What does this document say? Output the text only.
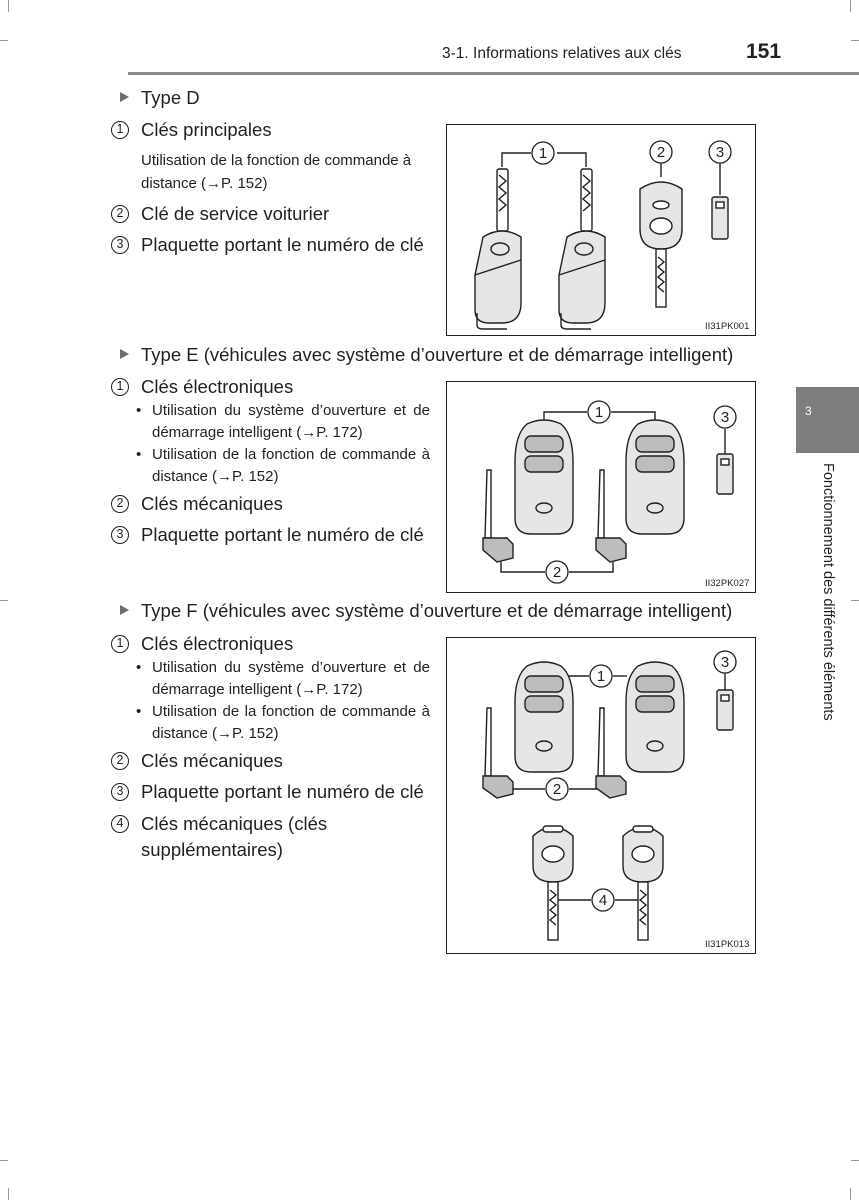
3-1. Informations relatives aux clés	151
3
Fonctionnement des différents éléments
Type D
1 Clés principales
Utilisation de la fonction de commande à distance (→P. 152)
2 Clé de service voiturier
3 Plaquette portant le numéro de clé
1	2	3
II31PK001
Type E (véhicules avec système d’ouverture et de démarrage intelligent)
1 Clés électroniques
• Utilisation du système d’ouverture et de démarrage intelligent (→P. 172)
• Utilisation de la fonction de commande à distance (→P. 152)
2 Clés mécaniques
3 Plaquette portant le numéro de clé
1
2
3
II32PK027
Type F (véhicules avec système d’ouverture et de démarrage intelligent)
1 Clés électroniques
• Utilisation du système d’ouverture et de démarrage intelligent (→P. 172)
• Utilisation de la fonction de commande à distance (→P. 152)
2 Clés mécaniques
3 Plaquette portant le numéro de clé
4 Clés mécaniques (clés supplémentaires)
1
2
3
4
II31PK013
